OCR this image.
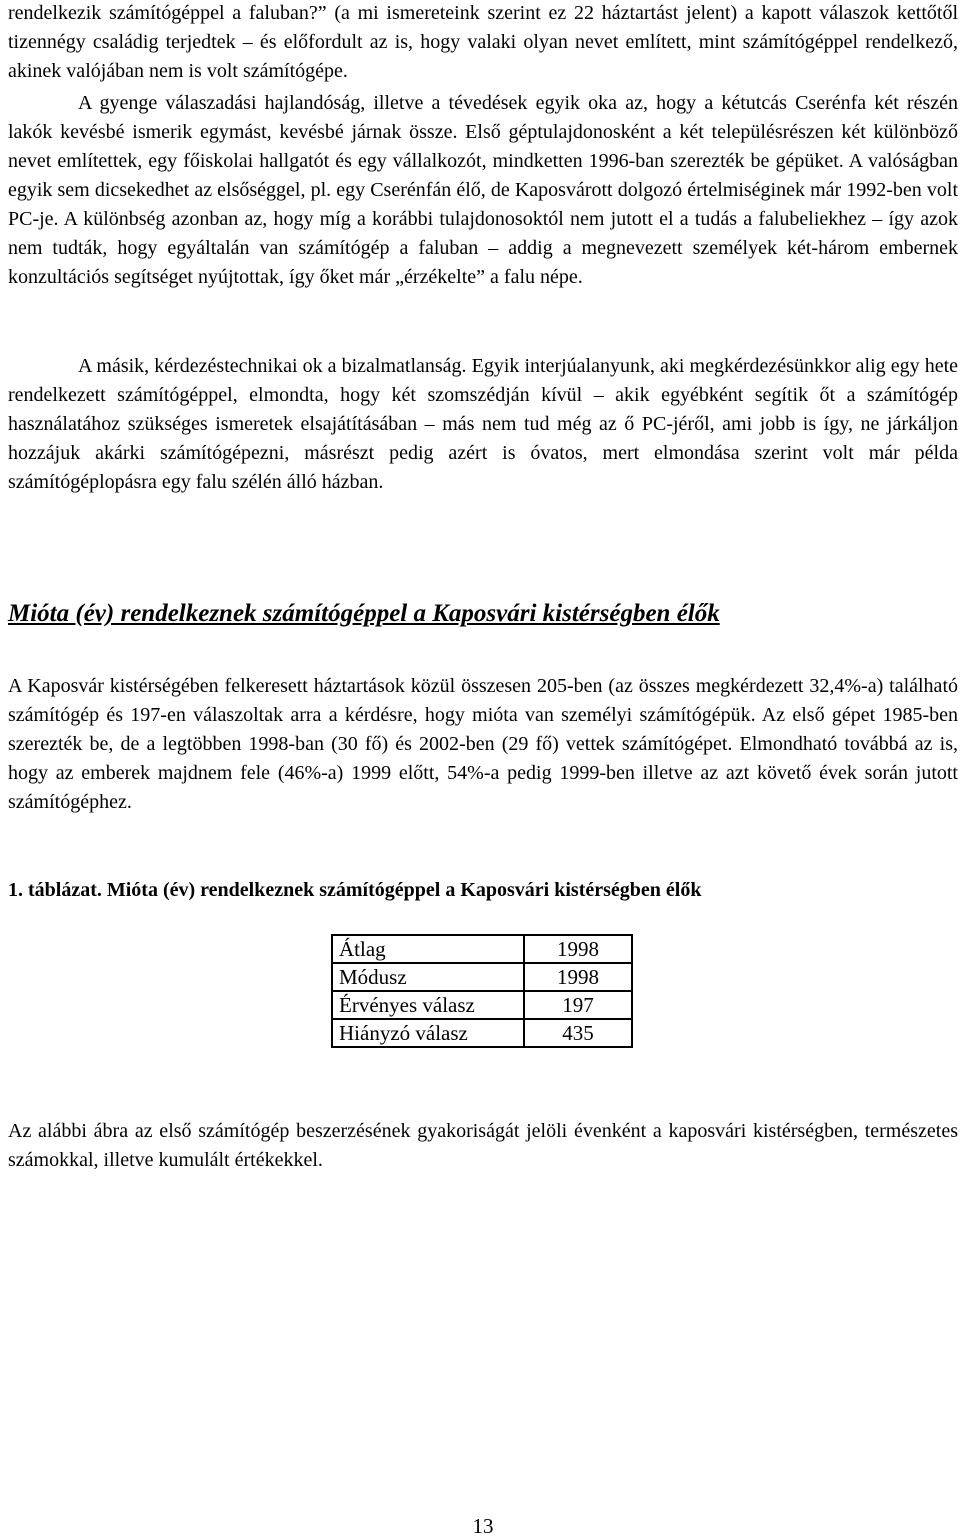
rendelkezik számítógéppel a faluban?” (a mi ismereteink szerint ez 22 háztartást jelent) a kapott válaszok kettőtől tizennégy családig terjedtek – és előfordult az is, hogy valaki olyan nevet említett, mint számítógéppel rendelkező, akinek valójában nem is volt számítógépe.

A gyenge válaszadási hajlandóság, illetve a tévedések egyik oka az, hogy a kétutcás Cserénfa két részén lakók kevésbé ismerik egymást, kevésbé járnak össze. Első géptulajdonosként a két településrészen két különböző nevet említettek, egy főiskolai hallgatót és egy vállalkozót, mindketten 1996-ban szerezték be gépüket. A valóságban egyik sem dicsekedhet az elsőséggel, pl. egy Cserénfán élő, de Kaposvárott dolgozó értelmiséginek már 1992-ben volt PC-je. A különbség azonban az, hogy míg a korábbi tulajdonosoktól nem jutott el a tudás a falubeliekhez – így azok nem tudták, hogy egyáltalán van számítógép a faluban – addig a megnevezett személyek két-három embernek konzultációs segítséget nyújtottak, így őket már „érzékelte” a falu népe.

A másik, kérdezéstechnikai ok a bizalmatlanság. Egyik interjúalanyunk, aki megkérdezésünkkor alig egy hete rendelkezett számítógéppel, elmondta, hogy két szomszédján kívül – akik egyébként segítik őt a számítógép használatához szükséges ismeretek elsajátításában – más nem tud még az ő PC-jéről, ami jobb is így, ne járkáljon hozzájuk akárki számítógépezni, másrészt pedig azért is óvatos, mert elmondása szerint volt már példa számítógéplopásra egy falu szélén álló házban.

Mióta (év) rendelkeznek számítógéppel a Kaposvári kistérségben élők

A Kaposvár kistérségében felkeresett háztartások közül összesen 205-ben (az összes megkérdezett 32,4%-a) található számítógép és 197-en válaszoltak arra a kérdésre, hogy mióta van személyi számítógépük. Az első gépet 1985-ben szerezték be, de a legtöbben 1998-ban (30 fő) és 2002-ben (29 fő) vettek számítógépet. Elmondható továbbá az is, hogy az emberek majdnem fele (46%-a) 1999 előtt, 54%-a pedig 1999-ben illetve az azt követő évek során jutott számítógéphez.

1. táblázat. Mióta (év) rendelkeznek számítógéppel a Kaposvári kistérségben élők

Átlag	1998
Módusz	1998
Érvényes válasz	197
Hiányzó válasz	435

Az alábbi ábra az első számítógép beszerzésének gyakoriságát jelöli évenként a kaposvári kistérségben, természetes számokkal, illetve kumulált értékekkel.

13
